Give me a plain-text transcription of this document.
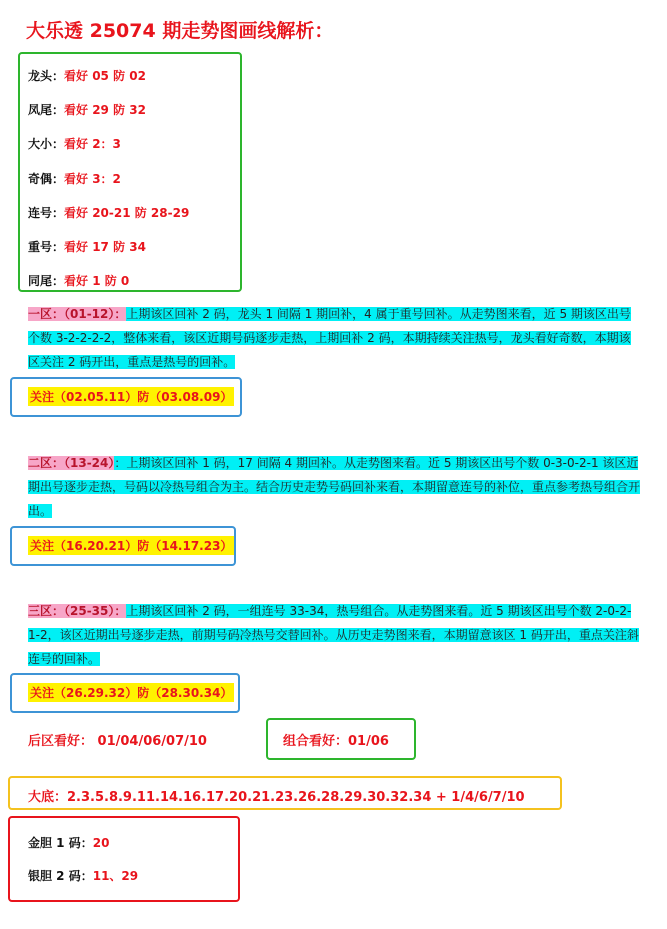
大乐透 25074 期走势图画线解析：
龙头：看好 05 防 02
凤尾：看好 29 防 32
大小：看好 2：3
奇偶：看好 3：2
连号：看好 20-21 防 28-29
重号：看好 17 防 34
同尾：看好 1 防 0
一区：（01-12）：上期该区回补 2 码，龙头 1 间隔 1 期回补，4 属于重号回补。从走势图来看，近 5 期该区出号个数 3-2-2-2-2，整体来看，该区近期号码逐步走热，上期回补 2 码，本期持续关注热号，龙头看好奇数，本期该区关注 2 码开出，重点是热号的回补。
关注（02.05.11）防（03.08.09）
二区：（13-24）：上期该区回补 1 码，17 间隔 4 期回补。从走势图来看。近 5 期该区出号个数 0-3-0-2-1 该区近期出号逐步走热，号码以冷热号组合为主。结合历史走势号码回补来看，本期留意连号的补位，重点参考热号组合开出。
关注（16.20.21）防（14.17.23）
三区：（25-35）：上期该区回补 2 码，一组连号 33-34，热号组合。从走势图来看。近 5 期该区出号个数 2-0-2-1-2，该区近期出号逐步走热，前期号码冷热号交替回补。从历史走势图来看，本期留意该区 1 码开出，重点关注斜连号的回补。
关注（26.29.32）防（28.30.34）
后区看好： 01/04/06/07/10	组合看好：01/06
大底：2.3.5.8.9.11.14.16.17.20.21.23.26.28.29.30.32.34 + 1/4/6/7/10
金胆 1 码：20
银胆 2 码：11、29
